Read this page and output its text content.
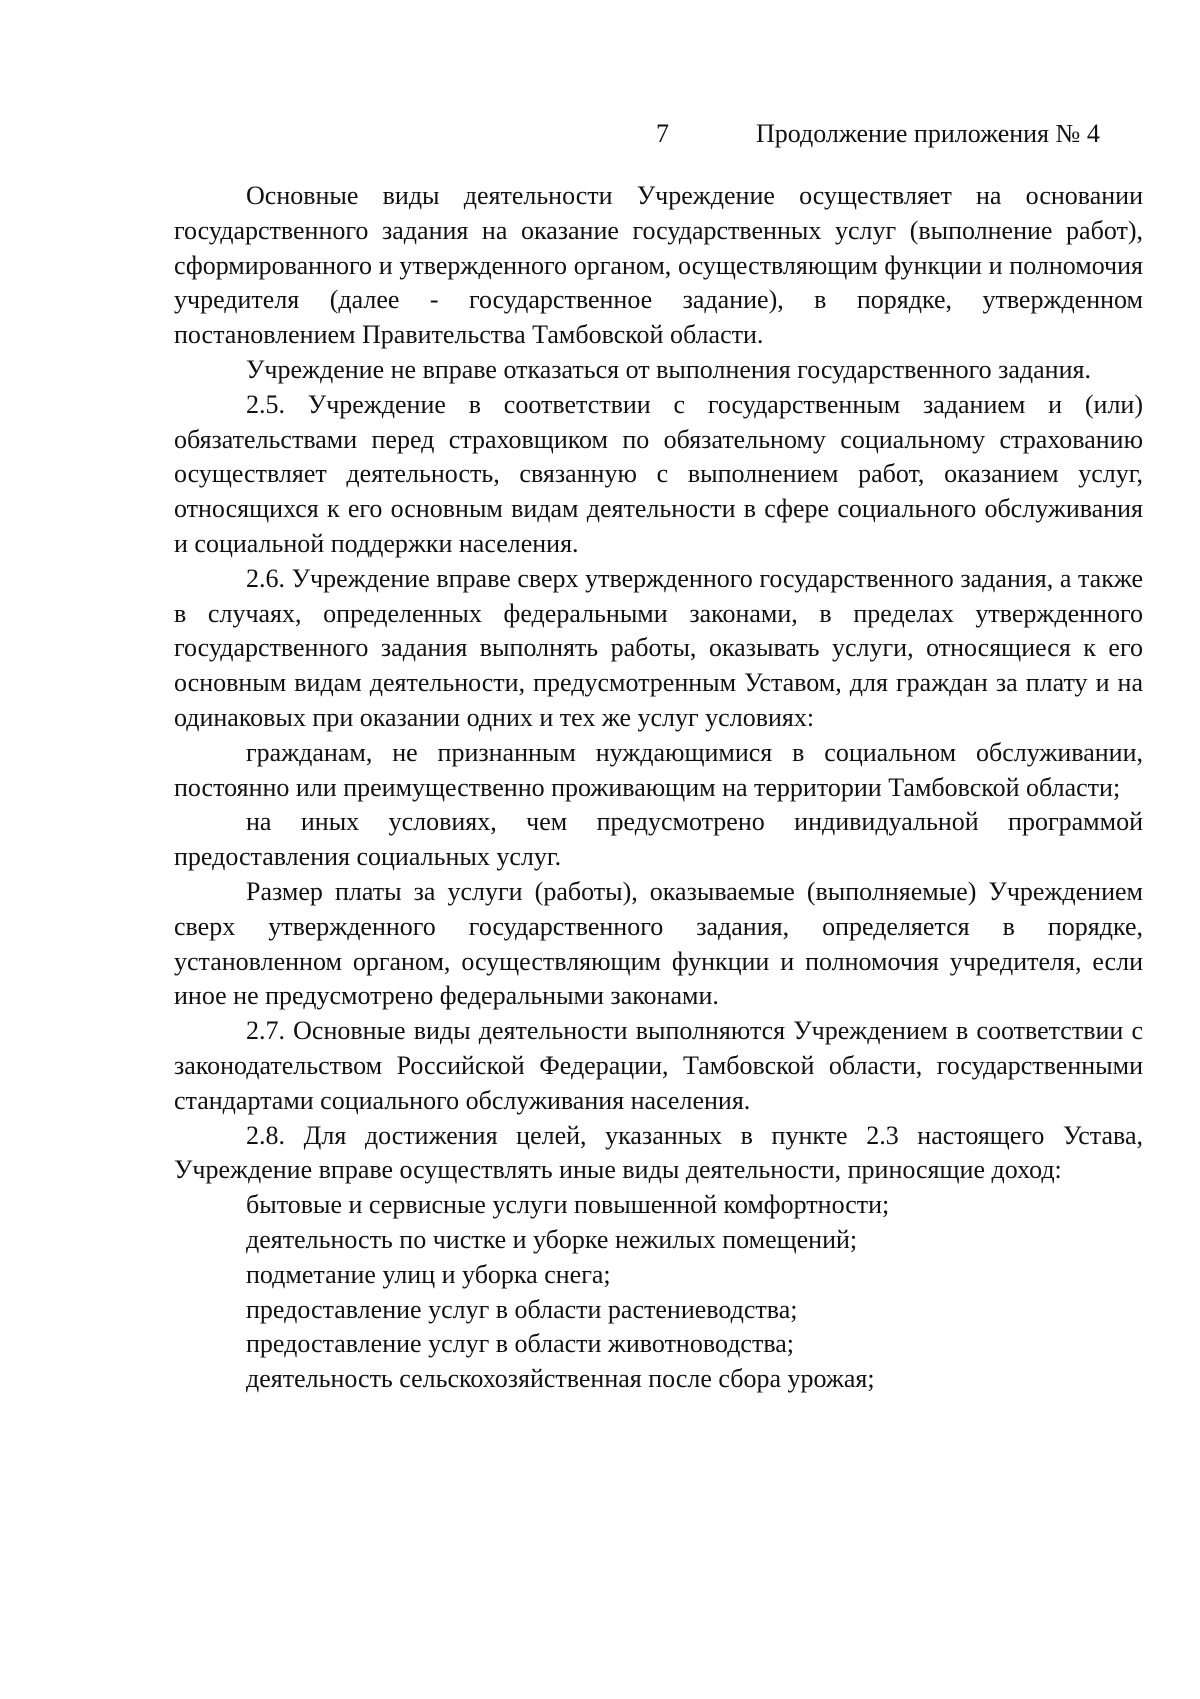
7	Продолжение приложения № 4

Основные виды деятельности Учреждение осуществляет на основании государственного задания на оказание государственных услуг (выполнение работ), сформированного и утвержденного органом, осуществляющим функции и полномочия учредителя (далее - государственное задание), в порядке, утвержденном постановлением Правительства Тамбовской области.

Учреждение не вправе отказаться от выполнения государственного задания.

2.5. Учреждение в соответствии с государственным заданием и (или) обязательствами перед страховщиком по обязательному социальному страхованию осуществляет деятельность, связанную с выполнением работ, оказанием услуг, относящихся к его основным видам деятельности в сфере социального обслуживания и социальной поддержки населения.

2.6. Учреждение вправе сверх утвержденного государственного задания, а также в случаях, определенных федеральными законами, в пределах утвержденного государственного задания выполнять работы, оказывать услуги, относящиеся к его основным видам деятельности, предусмотренным Уставом, для граждан за плату и на одинаковых при оказании одних и тех же услуг условиях:

гражданам, не признанным нуждающимися в социальном обслуживании, постоянно или преимущественно проживающим на территории Тамбовской области;

на иных условиях, чем предусмотрено индивидуальной программой предоставления социальных услуг.

Размер платы за услуги (работы), оказываемые (выполняемые) Учреждением сверх утвержденного государственного задания, определяется в порядке, установленном органом, осуществляющим функции и полномочия учредителя, если иное не предусмотрено федеральными законами.

2.7. Основные виды деятельности выполняются Учреждением в соответствии с законодательством Российской Федерации, Тамбовской области, государственными стандартами социального обслуживания населения.

2.8. Для достижения целей, указанных в пункте 2.3 настоящего Устава, Учреждение вправе осуществлять иные виды деятельности, приносящие доход:

бытовые и сервисные услуги повышенной комфортности;

деятельность по чистке и уборке нежилых помещений;

подметание улиц и уборка снега;

предоставление услуг в области растениеводства;

предоставление услуг в области животноводства;

деятельность сельскохозяйственная после сбора урожая;
